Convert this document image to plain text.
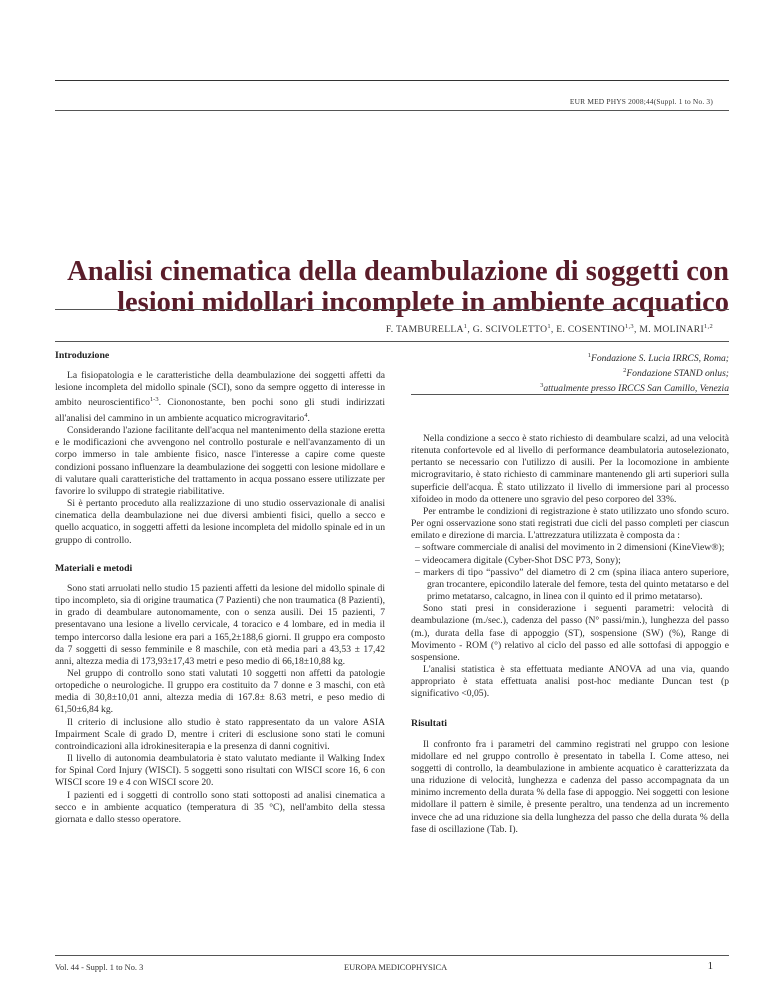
EUR MED PHYS 2008;44(Suppl. 1 to No. 3)
Analisi cinematica della deambulazione di soggetti con lesioni midollari incomplete in ambiente acquatico
F. TAMBURELLA$^1$, G. SCIVOLETTO$^1$, E. COSENTINO$^{1,3}$, M. MOLINARI$^{1,2}$
Introduzione

La fisiopatologia e le caratteristiche della deambulazione dei soggetti affetti da lesione incompleta del midollo spinale (SCI), sono da sempre oggetto di interesse in ambito neuroscientifico$^{1-3}$. Ciononostante, ben pochi sono gli studi indirizzati all'analisi del cammino in un ambiente acquatico microgravitario$^4$.

Considerando l'azione facilitante dell'acqua nel mantenimento della stazione eretta e le modificazioni che avvengono nel controllo posturale e nell'avanzamento di un corpo immerso in tale ambiente fisico, nasce l'interesse a capire come queste condizioni possano influenzare la deambulazione dei soggetti con lesione midollare e di valutare quali caratteristiche del trattamento in acqua possano essere utilizzate per favorire lo sviluppo di strategie riabilitative.

Si è pertanto proceduto alla realizzazione di uno studio osservazionale di analisi cinematica della deambulazione nei due diversi ambienti fisici, quello a secco e quello acquatico, in soggetti affetti da lesione incompleta del midollo spinale ed in un gruppo di controllo.

Materiali e metodi

Sono stati arruolati nello studio 15 pazienti affetti da lesione del midollo spinale di tipo incompleto, sia di origine traumatica (7 Pazienti) che non traumatica (8 Pazienti), in grado di deambulare autonomamente, con o senza ausili. Dei 15 pazienti, 7 presentavano una lesione a livello cervicale, 4 toracico e 4 lombare, ed in media il tempo intercorso dalla lesione era pari a 165,2±188,6 giorni. Il gruppo era composto da 7 soggetti di sesso femminile e 8 maschile, con età media pari a 43,53 ± 17,42 anni, altezza media di 173,93±17,43 metri e peso medio di 66,18±10,88 kg.

Nel gruppo di controllo sono stati valutati 10 soggetti non affetti da patologie ortopediche o neurologiche. Il gruppo era costituito da 7 donne e 3 maschi, con età media di 30,8±10,01 anni, altezza media di 167.8± 8.63 metri, e peso medio di 61,50±6,84 kg.

Il criterio di inclusione allo studio è stato rappresentato da un valore ASIA Impairment Scale di grado D, mentre i criteri di esclusione sono stati le comuni controindicazioni alla idrokinesiterapia e la presenza di danni cognitivi.

Il livello di autonomia deambulatoria è stato valutato mediante il Walking Index for Spinal Cord Injury (WISCI). 5 soggetti sono risultati con WISCI score 16, 6 con WISCI score 19 e 4 con WISCI score 20.

I pazienti ed i soggetti di controllo sono stati sottoposti ad analisi cinematica a secco e in ambiente acquatico (temperatura di 35 °C), nell'ambito della stessa giornata e dallo stesso operatore.

$^1$Fondazione S. Lucia IRRCS, Roma;
$^2$Fondazione STAND onlus;
$^3$attualmente presso IRCCS San Camillo, Venezia

Nella condizione a secco è stato richiesto di deambulare scalzi, ad una velocità ritenuta confortevole ed al livello di performance deambulatoria autoselezionato, pertanto se necessario con l'utilizzo di ausili. Per la locomozione in ambiente microgravitario, è stato richiesto di camminare mantenendo gli arti superiori sulla superficie dell'acqua. È stato utilizzato il livello di immersione pari al processo xifoideo in modo da ottenere uno sgravio del peso corporeo del 33%.

Per entrambe le condizioni di registrazione è stato utilizzato uno sfondo scuro. Per ogni osservazione sono stati registrati due cicli del passo completi per ciascun emilato e direzione di marcia. L'attrezzatura utilizzata è composta da :

– software commerciale di analisi del movimento in 2 dimensioni (KineView®);
– videocamera digitale (Cyber-Shot DSC P73, Sony);
– markers di tipo “passivo” del diametro di 2 cm (spina iliaca antero superiore, gran trocantere, epicondilo laterale del femore, testa del quinto metatarso e del primo metatarso, calcagno, in linea con il quinto ed il primo metatarso).

Sono stati presi in considerazione i seguenti parametri: velocità di deambulazione (m./sec.), cadenza del passo (N° passi/min.), lunghezza del passo (m.), durata della fase di appoggio (ST), sospensione (SW) (%), Range di Movimento - ROM (°) relativo al ciclo del passo ed alle sottofasi di appoggio e sospensione.

L'analisi statistica è sta effettuata mediante ANOVA ad una via, quando appropriato è stata effettuata analisi post-hoc mediante Duncan test (p significativo <0,05).

Risultati

Il confronto fra i parametri del cammino registrati nel gruppo con lesione midollare ed nel gruppo controllo è presentato in tabella I. Come atteso, nei soggetti di controllo, la deambulazione in ambiente acquatico è caratterizzata da una riduzione di velocità, lunghezza e cadenza del passo accompagnata da un minimo incremento della durata % della fase di appoggio. Nei soggetti con lesione midollare il pattern è simile, è presente peraltro, una tendenza ad un incremento invece che ad una riduzione sia della lunghezza del passo che della durata % della fase di oscillazione (Tab. I).

Vol. 44 - Suppl. 1 to No. 3	EUROPA MEDICOPHYSICA	1
